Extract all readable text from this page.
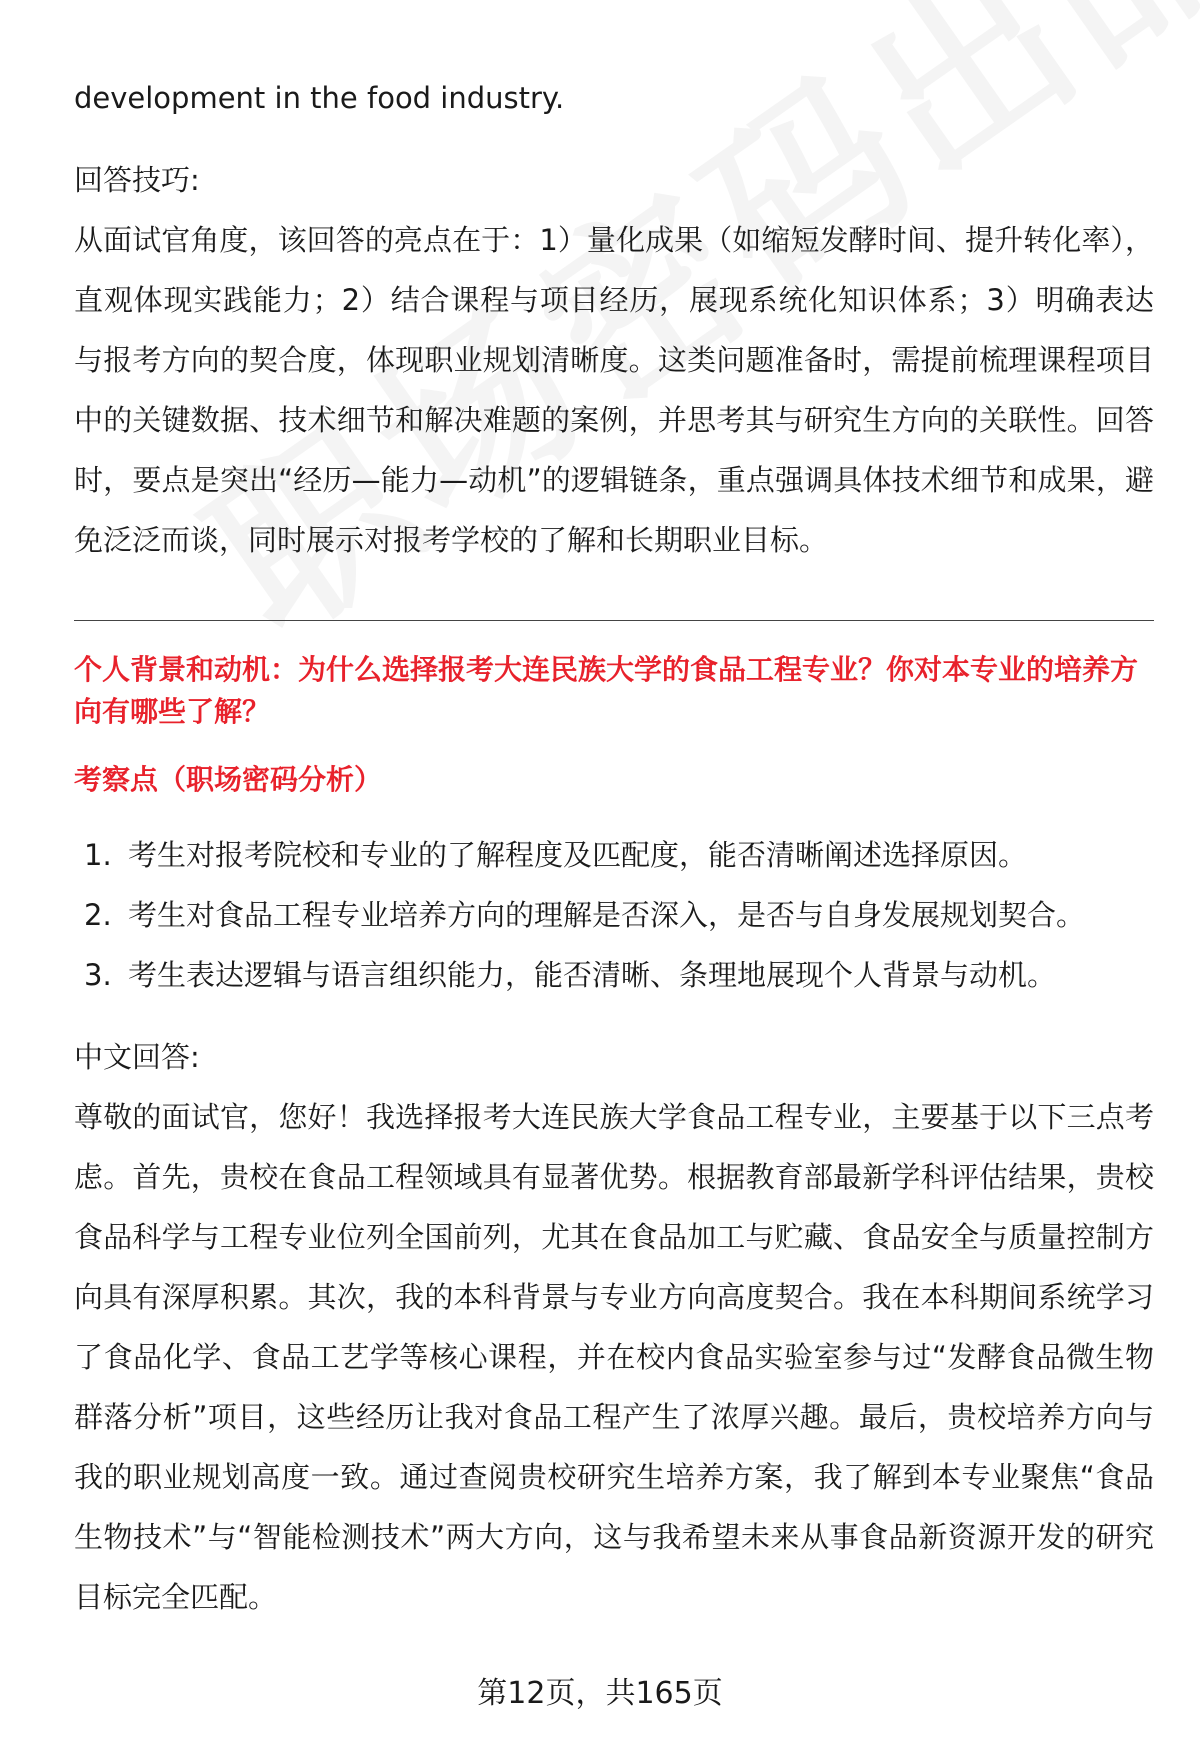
development in the food industry.

回答技巧:

从面试官角度，该回答的亮点在于：1）量化成果（如缩短发酵时间、提升转化率），直观体现实践能力；2）结合课程与项目经历，展现系统化知识体系；3）明确表达与报考方向的契合度，体现职业规划清晰度。这类问题准备时，需提前梳理课程项目中的关键数据、技术细节和解决难题的案例，并思考其与研究生方向的关联性。回答时，要点是突出“经历—能力—动机”的逻辑链条，重点强调具体技术细节和成果，避免泛泛而谈，同时展示对报考学校的了解和长期职业目标。

个人背景和动机：为什么选择报考大连民族大学的食品工程专业？你对本专业的培养方向有哪些了解？

考察点（职场密码分析）

1. 考生对报考院校和专业的了解程度及匹配度，能否清晰阐述选择原因。
2. 考生对食品工程专业培养方向的理解是否深入，是否与自身发展规划契合。
3. 考生表达逻辑与语言组织能力，能否清晰、条理地展现个人背景与动机。

中文回答:

尊敬的面试官，您好！我选择报考大连民族大学食品工程专业，主要基于以下三点考虑。首先，贵校在食品工程领域具有显著优势。根据教育部最新学科评估结果，贵校食品科学与工程专业位列全国前列，尤其在食品加工与贮藏、食品安全与质量控制方向具有深厚积累。其次，我的本科背景与专业方向高度契合。我在本科期间系统学习了食品化学、食品工艺学等核心课程，并在校内食品实验室参与过“发酵食品微生物群落分析”项目，这些经历让我对食品工程产生了浓厚兴趣。最后，贵校培养方向与我的职业规划高度一致。通过查阅贵校研究生培养方案，我了解到本专业聚焦“食品生物技术”与“智能检测技术”两大方向，这与我希望未来从事食品新资源开发的研究目标完全匹配。

第12页，共165页
